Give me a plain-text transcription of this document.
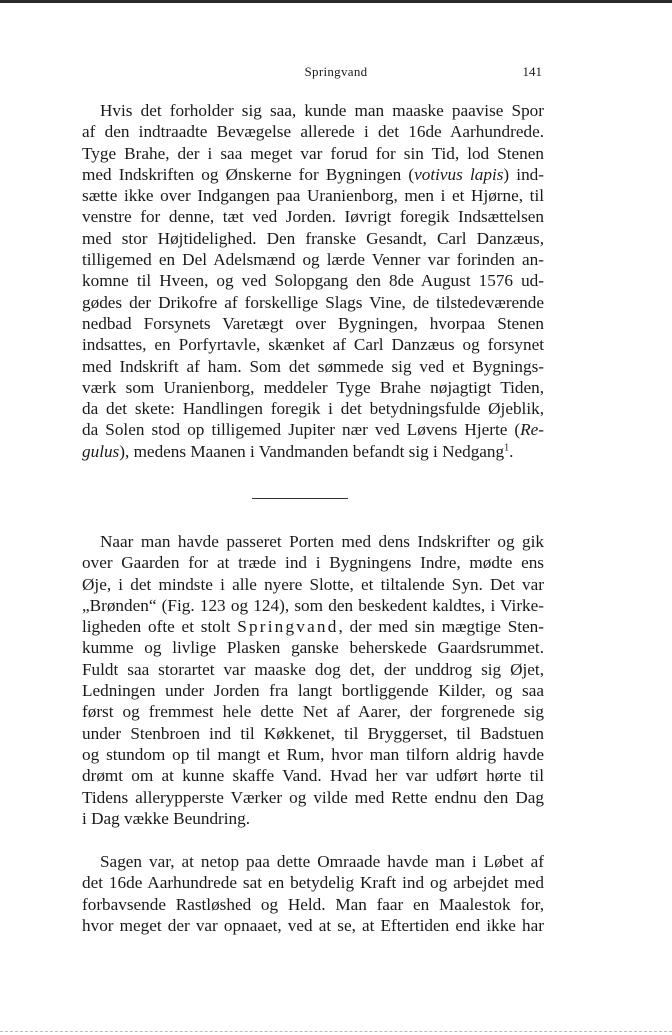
Springvand	141
Hvis det forholder sig saa, kunde man maaske paavise Spor
af den indtraadte Bevægelse allerede i det 16de Aarhundrede.
Tyge Brahe, der i saa meget var forud for sin Tid, lod Stenen
med Indskriften og Ønskerne for Bygningen (votivus lapis) ind-
sætte ikke over Indgangen paa Uranienborg, men i et Hjørne, til
venstre for denne, tæt ved Jorden. Iøvrigt foregik Indsættelsen
med stor Højtidelighed. Den franske Gesandt, Carl Danzæus,
tilligemed en Del Adelsmænd og lærde Venner var forinden an-
komne til Hveen, og ved Solopgang den 8de August 1576 ud-
gødes der Drikofre af forskellige Slags Vine, de tilstedeværende
nedbad Forsynets Varetægt over Bygningen, hvorpaa Stenen
indsattes, en Porfyrtavle, skænket af Carl Danzæus og forsynet
med Indskrift af ham. Som det sømmede sig ved et Bygnings-
værk som Uranienborg, meddeler Tyge Brahe nøjagtigt Tiden,
da det skete: Handlingen foregik i det betydningsfulde Øjeblik,
da Solen stod op tilligemed Jupiter nær ved Løvens Hjerte (Re-
gulus), medens Maanen i Vandmanden befandt sig i Nedgang$^1$.
Naar man havde passeret Porten med dens Indskrifter og gik
over Gaarden for at træde ind i Bygningens Indre, mødte ens
Øje, i det mindste i alle nyere Slotte, et tiltalende Syn. Det var
„Brønden“ (Fig. 123 og 124), som den beskedent kaldtes, i Virke-
ligheden ofte et stolt Springvand, der med sin mægtige Sten-
kumme og livlige Plasken ganske beherskede Gaardsrummet.
Fuldt saa storartet var maaske dog det, der unddrog sig Øjet,
Ledningen under Jorden fra langt bortliggende Kilder, og saa
først og fremmest hele dette Net af Aarer, der forgrenede sig
under Stenbroen ind til Køkkenet, til Bryggerset, til Badstuen
og stundom op til mangt et Rum, hvor man tilforn aldrig havde
drømt om at kunne skaffe Vand. Hvad her var udført hørte til
Tidens allerypperste Værker og vilde med Rette endnu den Dag
i Dag vække Beundring.
Sagen var, at netop paa dette Omraade havde man i Løbet af
det 16de Aarhundrede sat en betydelig Kraft ind og arbejdet med
forbavsende Rastløshed og Held. Man faar en Maalestok for,
hvor meget der var opnaaet, ved at se, at Eftertiden end ikke har
